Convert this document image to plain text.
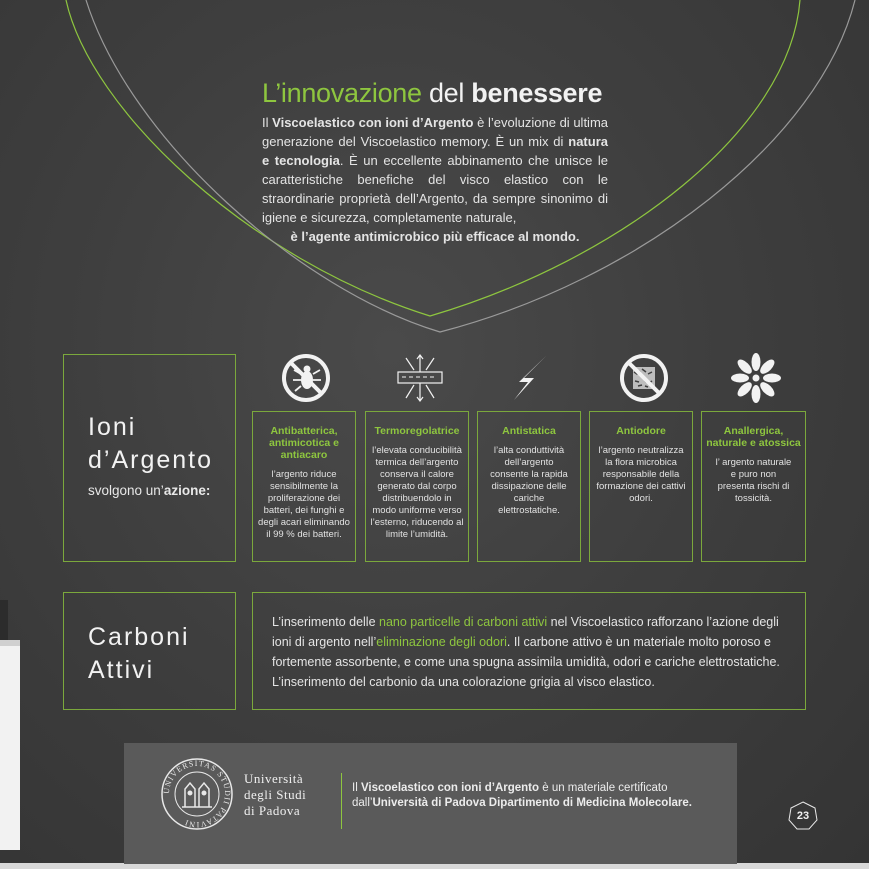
L’innovazione del benessere
Il Viscoelastico con ioni d’Argento è l’evoluzione di ultima generazione del Viscoelastico memory. È un mix di natura e tecnologia. È un eccellente abbinamento che unisce le caratteristiche benefiche del visco elastico con le straordinarie proprietà dell’Argento, da sempre sinonimo di igiene e sicurezza, completamente naturale,
è l’agente antimicrobico più efficace al mondo.
Ioni
d’Argento
svolgono un’azione:
Antibatterica, antimicotica e antiacaro
l’argento riduce sensibilmente la proliferazione dei batteri, dei funghi e degli acari eliminando il 99 % dei batteri.
Termoregolatrice
l’elevata conducibilità termica dell’argento conserva il calore generato dal corpo distribuendolo in modo uniforme verso l’esterno, riducendo al limite l’umidità.
Antistatica
l’alta conduttività dell’argento consente la rapida dissipazione delle cariche elettrostatiche.
Antiodore
l’argento neutralizza la flora microbica responsabile della formazione dei cattivi odori.
Anallergica, naturale e atossica
l’ argento naturale e puro non presenta rischi di tossicità.
Carboni
Attivi
L’inserimento delle nano particelle di carboni attivi nel Viscoelastico rafforzano l’azione degli ioni di argento nell’eliminazione degli odori. Il carbone attivo è un materiale molto poroso e fortemente assorbente, e come una spugna assimila umidità, odori e cariche elettrostatiche. L’inserimento del carbonio da una colorazione grigia al visco elastico.
UNIVERSITAS STUDII PATAVINI
Università
degli Studi
di Padova
Il Viscoelastico con ioni d’Argento è un materiale certificato dall’Università di Padova Dipartimento di Medicina Molecolare.
23
